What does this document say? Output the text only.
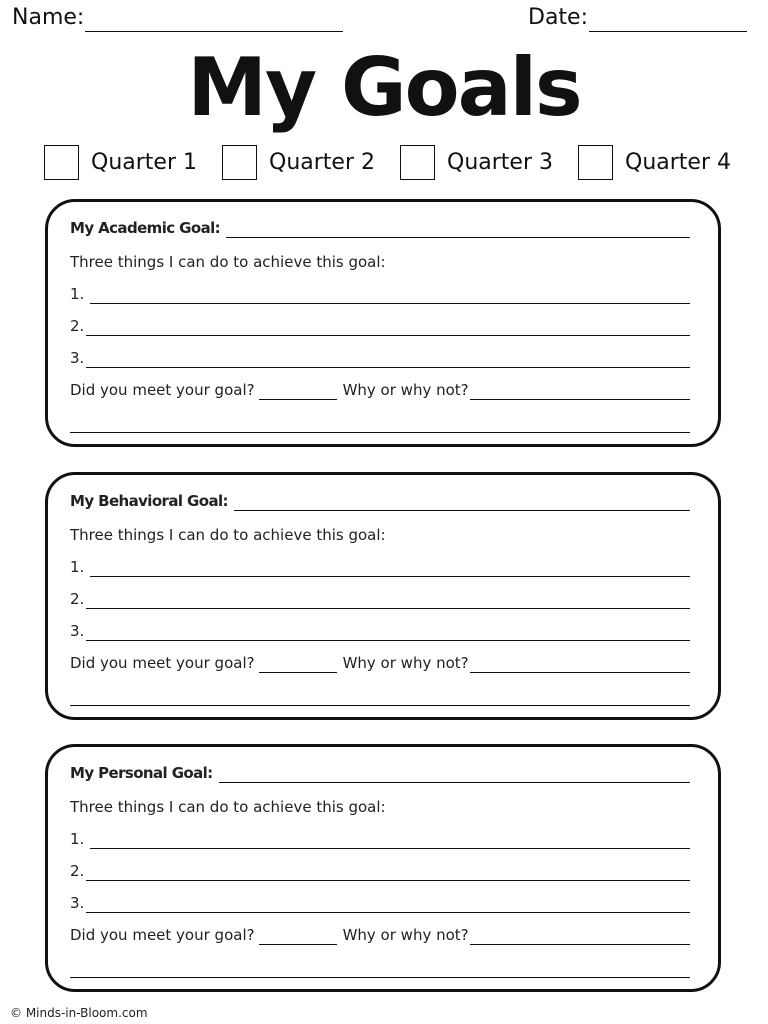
Name:	Date:
My Goals
Quarter 1	Quarter 2	Quarter 3	Quarter 4
My Academic Goal:
Three things I can do to achieve this goal:
1.
2.
3.
Did you meet your goal?	Why or why not?
My Behavioral Goal:
Three things I can do to achieve this goal:
1.
2.
3.
Did you meet your goal?	Why or why not?
My Personal Goal:
Three things I can do to achieve this goal:
1.
2.
3.
Did you meet your goal?	Why or why not?
© Minds-in-Bloom.com
